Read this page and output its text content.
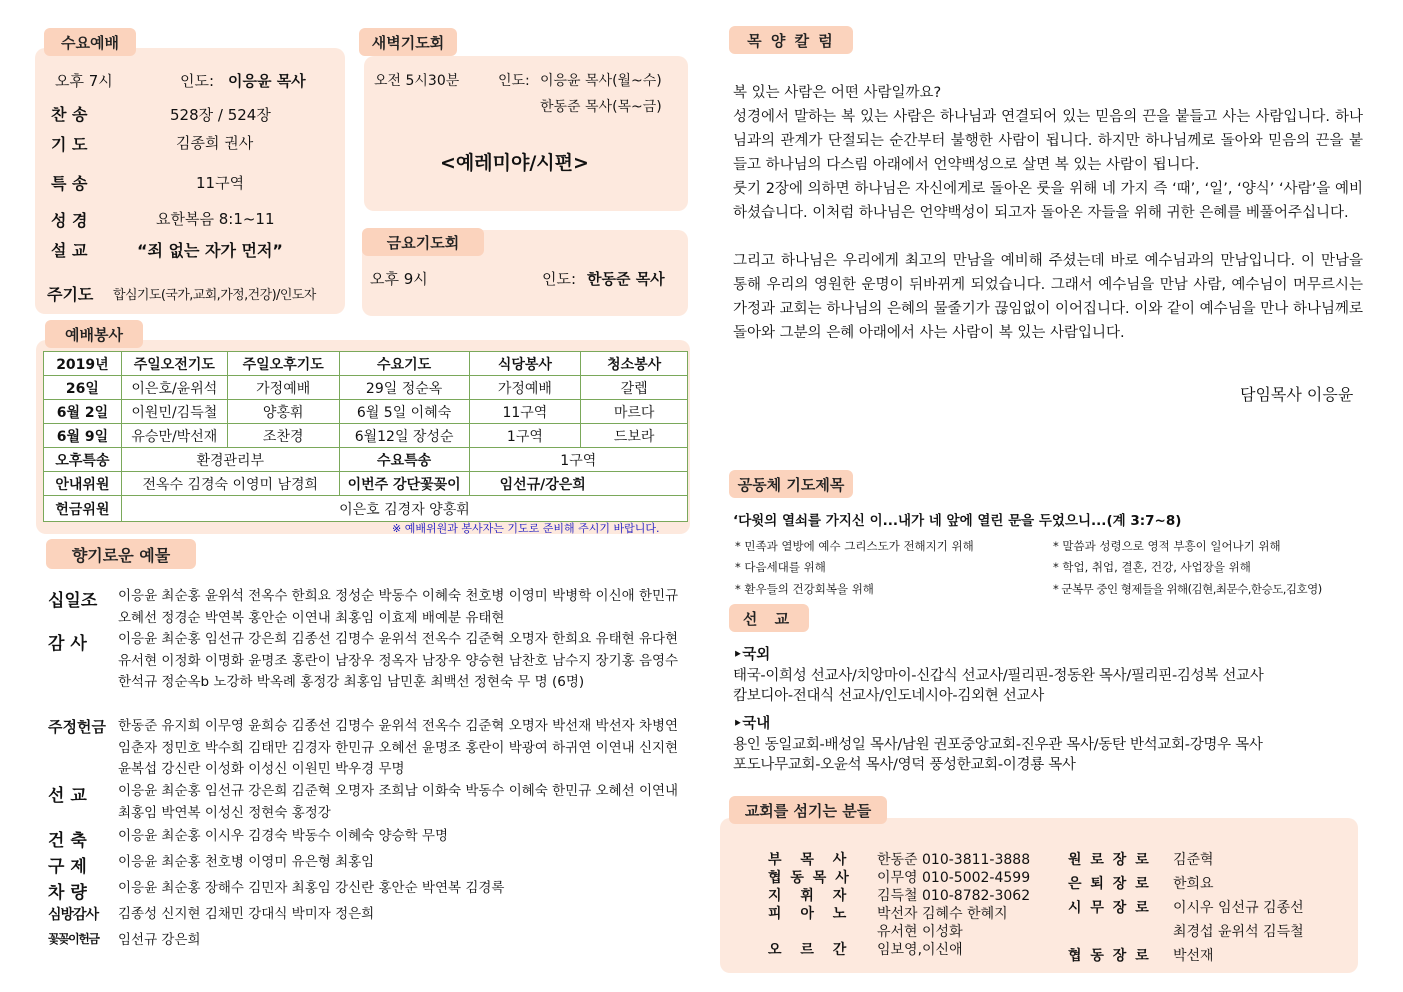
수요예배
오후 7시	인도: 이응윤 목사
찬 송	528장 / 524장
기 도	김종희 권사
특 송	11구역
성 경	요한복음 8:1~11
설 교	“죄 없는 자가 먼저”
주기도 합심기도(국가,교회,가정,건강)/인도자
새벽기도회
오전 5시30분	인도: 이응윤 목사(월~수)
한동준 목사(목~금)
<예레미야/시편>
금요기도회
오후 9시	인도: 한동준 목사
예배봉사
2019년	주일오전기도	주일오후기도	수요기도	식당봉사	청소봉사
26일	이은호/윤위석	가정예배	29일 정순옥	가정예배	갈렙
6월 2일	이원민/김득철	양홍휘	6월 5일 이혜숙	11구역	마르다
6월 9일	유승만/박선재	조찬경	6월12일 장성순	1구역	드보라
오후특송	환경관리부		수요특송	1구역	
안내위원	전옥수 김경숙 이영미 남경희		이번주 강단꽃꽂이	임선규/강은희	
헌금위원	이은호 김경자 양홍휘				
※ 예배위원과 봉사자는 기도로 준비해 주시기 바랍니다.
향기로운 예물
십일조	이응윤 최순홍 윤위석 전옥수 한희요 정성순 박동수 이혜숙 천호병 이영미 박병학 이신애 한민규 오혜선 정경순 박연복 홍안순 이연내 최홍임 이효제 배예분 유태현
감 사	이응윤 최순홍 임선규 강은희 김종선 김명수 윤위석 전옥수 김준혁 오명자 한희요 유태현 유다현 유서현 이정화 이명화 윤명조 홍란이 남장우 정옥자 남장우 양승현 남찬호 남수지 장기홍 음영수 한석규 정순옥b 노강하 박옥례 홍정강 최홍임 남민훈 최백선 정현숙 무 명 (6명)
주정헌금 한동준 유지희 이무영 윤희승 김종선 김명수 윤위석 전옥수 김준혁 오명자 박선재 박선자 차병연 임춘자 정민호 박수희 김태만 김경자 한민규 오혜선 윤명조 홍란이 박광여 하귀연 이연내 신지현 윤복섭 강신란 이성화 이성신 이원민 박우경 무명
선 교	이응윤 최순홍 임선규 강은희 김준혁 오명자 조희남 이화숙 박동수 이혜숙 한민규 오혜선 이연내 최홍임 박연복 이성신 정현숙 홍정강
건 축	이응윤 최순홍 이시우 김경숙 박동수 이혜숙 양승학 무명
구 제	이응윤 최순홍 천호병 이영미 유은형 최홍임
차 량	이응윤 최순홍 장해수 김민자 최홍임 강신란 홍안순 박연복 김경록
심방감사	김종성 신지현 김채민 강대식 박미자 정은희
꽃꽂이헌금	임선규 강은희
목 양 칼 럼
복 있는 사람은 어떤 사람일까요?
성경에서 말하는 복 있는 사람은 하나님과 연결되어 있는 믿음의 끈을 붙들고 사는 사람입니다. 하나님과의 관계가 단절되는 순간부터 불행한 사람이 됩니다. 하지만 하나님께로 돌아와 믿음의 끈을 붙들고 하나님의 다스림 아래에서 언약백성으로 살면 복 있는 사람이 됩니다.
룻기 2장에 의하면 하나님은 자신에게로 돌아온 룻을 위해 네 가지 즉 ‘때’, ‘일’, ‘양식’ ‘사람’을 예비하셨습니다. 이처럼 하나님은 언약백성이 되고자 돌아온 자들을 위해 귀한 은혜를 베풀어주십니다.
그리고 하나님은 우리에게 최고의 만남을 예비해 주셨는데 바로 예수님과의 만남입니다. 이 만남을 통해 우리의 영원한 운명이 뒤바뀌게 되었습니다. 그래서 예수님을 만남 사람, 예수님이 머무르시는 가정과 교회는 하나님의 은혜의 물줄기가 끊임없이 이어집니다. 이와 같이 예수님을 만나 하나님께로 돌아와 그분의 은혜 아래에서 사는 사람이 복 있는 사람입니다.
담임목사 이응윤
공동체 기도제목
‘다윗의 열쇠를 가지신 이...내가 네 앞에 열린 문을 두었으니...(계 3:7~8)
* 민족과 열방에 예수 그리스도가 전해지기 위해
* 다음세대를 위해
* 환우들의 건강회복을 위해
* 말씀과 성령으로 영적 부흥이 일어나기 위해
* 학업, 취업, 결혼, 건강, 사업장을 위해
* 군복무 중인 형제들을 위해(김현,최문수,한승도,김호영)
선 교
‣국외
태국-이희성 선교사/치앙마이-신갑식 선교사/필리핀-정동완 목사/필리핀-김성복 선교사
캄보디아-전대식 선교사/인도네시아-김외현 선교사
‣국내
용인 동일교회-배성일 목사/남원 권포중앙교회-진우관 목사/동탄 반석교회-강명우 목사
포도나무교회-오윤석 목사/영덕 풍성한교회-이경룡 목사
교회를 섬기는 분들
부 목 사 한동준 010-3811-3888
협 동 목 사 이무영 010-5002-4599
지 휘 자 김득철 010-8782-3062
피 아 노 박선자 김혜수 한혜지
유서현 이성화
오 르 간 임보영,이신애
원 로 장 로 김준혁
은 퇴 장 로 한희요
시 무 장 로 이시우 임선규 김종선
최경섭 윤위석 김득철
협 동 장 로 박선재
